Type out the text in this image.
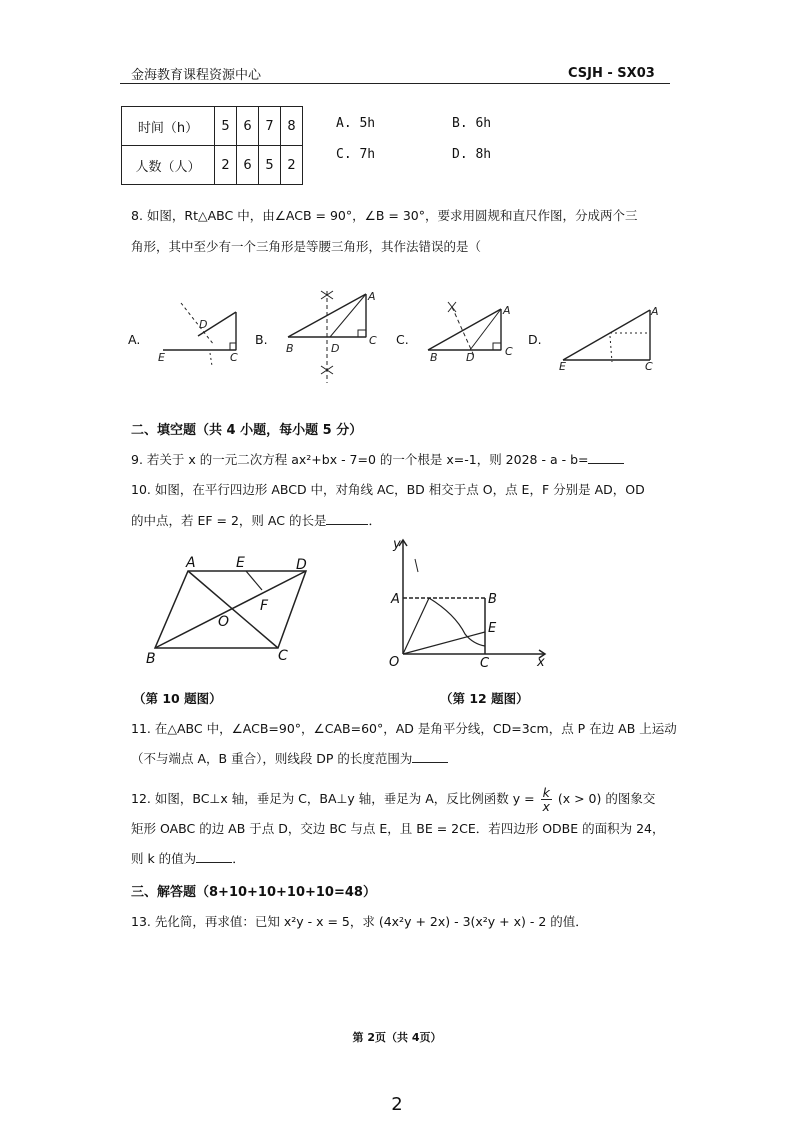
金海教育课程资源中心	CSJH - SX03
时间（h）	5	6	7	8
人数（人）	2	6	5	2
A. 5h	B. 6h
C. 7h	D. 8h
8. 如图，Rt△ABC 中，由∠ACB = 90°，∠B = 30°，要求用圆规和直尺作图，分成两个三
角形，其中至少有一个三角形是等腰三角形，其作法错误的是（
A.	B.	C.	D.
D
E	C
A
B	D
C
A
B	D	C
A
E	C
二、填空题（共 4 小题，每小题 5 分）
9. 若关于 x 的一元二次方程 ax²+bx - 7=0 的一个根是 x=-1，则 2028 - a - b=
10. 如图，在平行四边形 ABCD 中，对角线 AC，BD 相交于点 O，点 E，F 分别是 AD，OD
的中点，若 EF = 2，则 AC 的长是	．
A	E	D
F
O
B	C
y
A	B
E
O	C	x
（第 10 题图）	（第 12 题图）
11. 在△ABC 中，∠ACB=90°，∠CAB=60°，AD 是角平分线，CD=3cm，点 P 在边 AB 上运动
（不与端点 A，B 重合），则线段 DP 的长度范围为
12. 如图，BC⊥x 轴，垂足为 C，BA⊥y 轴，垂足为 A，反比例函数 $y = \frac{k}{x} (x > 0)$ 的图象交
矩形 OABC 的边 AB 于点 D，交边 BC 与点 E，且 BE = 2CE．若四边形 ODBE 的面积为 24，
则 k 的值为	．
三、解答题（8+10+10+10+10=48）
13. 先化简，再求值：已知 x²y - x = 5，求 (4x²y + 2x) - 3(x²y + x) - 2 的值．
第 2页（共 4页）
2
